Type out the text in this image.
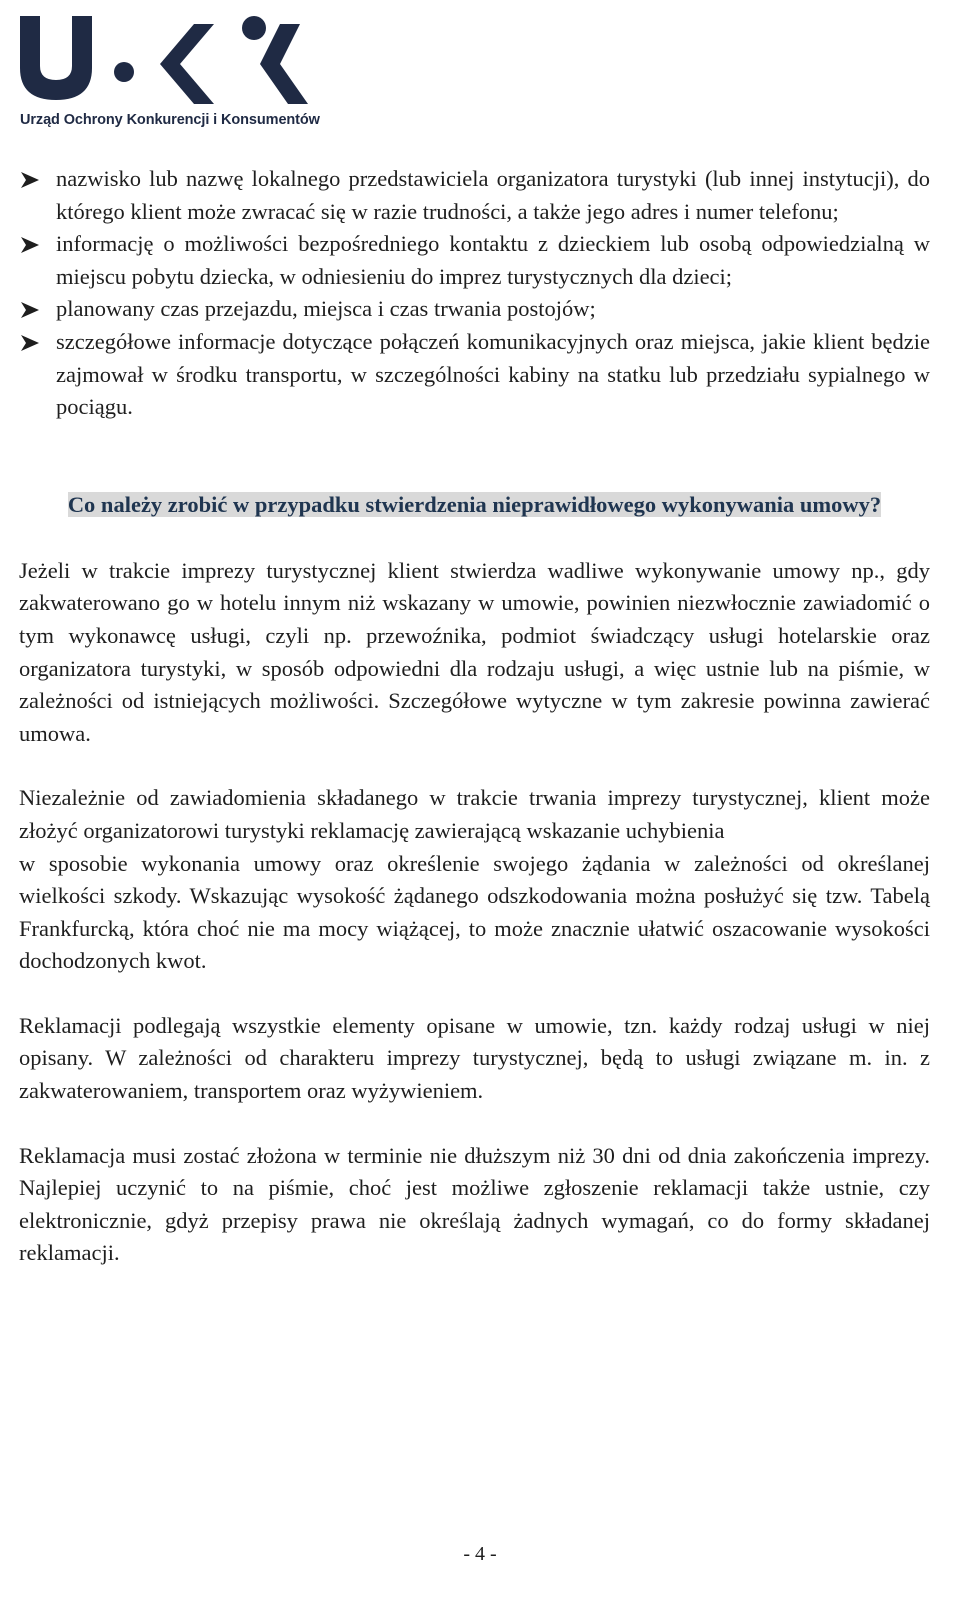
Urząd Ochrony Konkurencji i Konsumentów
nazwisko lub nazwę lokalnego przedstawiciela organizatora turystyki (lub innej instytucji), do którego klient może zwracać się w razie trudności, a także jego adres i numer telefonu;
informację o możliwości bezpośredniego kontaktu z dzieckiem lub osobą odpowiedzialną w miejscu pobytu dziecka, w odniesieniu do imprez turystycznych dla dzieci;
planowany czas przejazdu, miejsca i czas trwania postojów;
szczegółowe informacje dotyczące połączeń komunikacyjnych oraz miejsca, jakie klient będzie zajmował w środku transportu, w szczególności kabiny na statku lub przedziału sypialnego w pociągu.
Co należy zrobić w przypadku stwierdzenia nieprawidłowego wykonywania umowy?

Jeżeli w trakcie imprezy turystycznej klient stwierdza wadliwe wykonywanie umowy np., gdy zakwaterowano go w hotelu innym niż wskazany w umowie, powinien niezwłocznie zawiadomić o tym wykonawcę usługi, czyli np. przewoźnika, podmiot świadczący usługi hotelarskie oraz organizatora turystyki, w sposób odpowiedni dla rodzaju usługi, a więc ustnie lub na piśmie, w zależności od istniejących możliwości. Szczegółowe wytyczne w tym zakresie powinna zawierać umowa.

Niezależnie od zawiadomienia składanego w trakcie trwania imprezy turystycznej, klient może złożyć organizatorowi turystyki reklamację zawierającą wskazanie uchybienia

w sposobie wykonania umowy oraz określenie swojego żądania w zależności od określanej wielkości szkody. Wskazując wysokość żądanego odszkodowania można posłużyć się tzw. Tabelą Frankfurcką, która choć nie ma mocy wiążącej, to może znacznie ułatwić oszacowanie wysokości dochodzonych kwot.

Reklamacji podlegają wszystkie elementy opisane w umowie, tzn. każdy rodzaj usługi w niej opisany. W zależności od charakteru imprezy turystycznej, będą to usługi związane m. in. z zakwaterowaniem, transportem oraz wyżywieniem.

Reklamacja musi zostać złożona w terminie nie dłuższym niż 30 dni od dnia zakończenia imprezy. Najlepiej uczynić to na piśmie, choć jest możliwe zgłoszenie reklamacji także ustnie, czy elektronicznie, gdyż przepisy prawa nie określają żadnych wymagań, co do formy składanej reklamacji.

- 4 -
